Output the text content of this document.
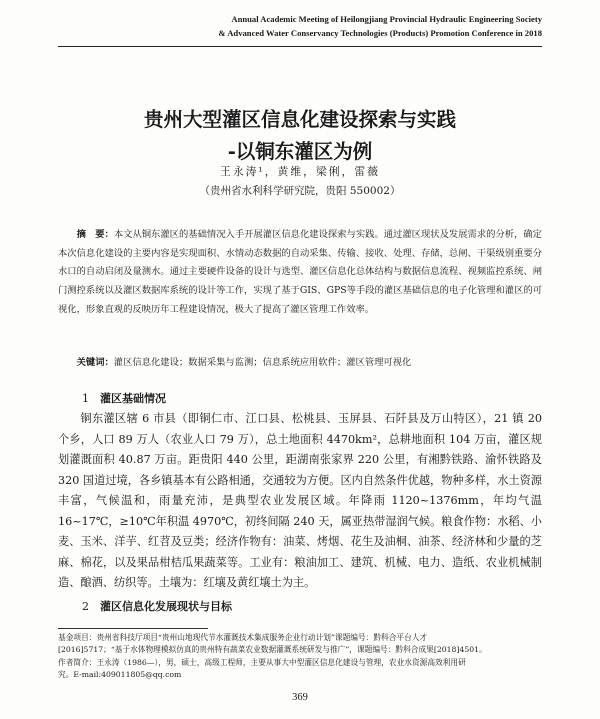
Annual Academic Meeting of Heilongjiang Provincial Hydraulic Engineering Society
& Advanced Water Conservancy Technologies (Products) Promotion Conference in 2018
贵州大型灌区信息化建设探索与实践
-以铜东灌区为例
王永涛¹，黄维，梁俐，雷薇
（贵州省水利科学研究院，贵阳 550002）

摘　要：本文从铜东灌区的基础情况入手开展灌区信息化建设探索与实践。通过灌区现状及发展需求的分析，确定本次信息化建设的主要内容是实现面积、水情动态数据的自动采集、传输、接收、处理、存储，总闸、干渠级别重要分水口的自动启闭及量测水。通过主要硬件设备的设计与选型、灌区信息化总体结构与数据信息流程、视频监控系统、闸门测控系统以及灌区数据库系统的设计等工作，实现了基于GIS、GPS等手段的灌区基础信息的电子化管理和灌区的可视化，形象直观的反映历年工程建设情况，极大了提高了灌区管理工作效率。

关键词：灌区信息化建设；数据采集与监测；信息系统应用软件；灌区管理可视化

1　 灌区基础情况

铜东灌区辖 6 市县（即铜仁市、江口县、松桃县、玉屏县、石阡县及万山特区），21 镇 20 个乡，人口 89 万人（农业人口 79 万），总土地面积 4470km²，总耕地面积 104 万亩，灌区规划灌溉面积 40.87 万亩。距贵阳 440 公里，距湖南张家界 220 公里，有湘黔铁路、渝怀铁路及 320 国道过境，各乡镇基本有公路相通，交通较为方便。区内自然条件优越，物种多样，水土资源丰富，气候温和，雨量充沛，是典型农业发展区域。年降雨 1120~1376mm，年均气温 16~17℃，≥10℃年积温 4970℃，初终间隔 240 天，属亚热带湿润气候。粮食作物：水稻、小麦、玉米、洋芋、红苕及豆类；经济作物有：油菜、烤烟、花生及油桐、油茶、经济林和少量的芝麻、棉花，以及果品柑桔瓜果蔬菜等。工业有：粮油加工、建筑、机械、电力、造纸、农业机械制造、酿酒、纺织等。土壤为：红壤及黄红壤土为主。

2　 灌区信息化发展现状与目标

基金项目：贵州省科技厅项目“贵州山地现代节水灌溉技术集成服务企业行动计划”课题编号：黔科合平台人才

[2016]5717；“基于水体物理模拟仿真的贵州特有蔬菜农业数据灌溉系统研发与推广”，课题编号：黔科合成果[2018]4501。

作者简介：王永涛（1986—），男，硕士，高级工程师，主要从事大中型灌区信息化建设与管理，农业水资源高效利用研

究。E-mail:409011805@qq.com

369
